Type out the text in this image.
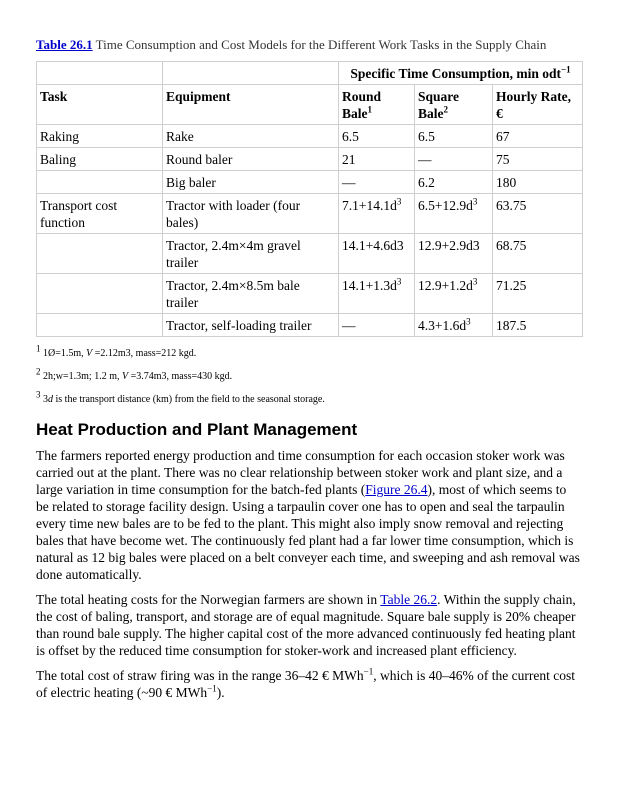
Table 26.1 Time Consumption and Cost Models for the Different Work Tasks in the Supply Chain
		Specific Time Consumption, min odt$^{-1}$
Task	Equipment	Round Bale$^1$	Square Bale$^2$	Hourly Rate, €
Raking	Rake	6.5	6.5	67
Baling	Round baler	21	—	75
	Big baler	—	6.2	180
Transport cost function	Tractor with loader (four bales)	$7.1+14.1d^3$	$6.5+12.9d^3$	63.75
	Tractor, 2.4m×4m gravel trailer	14.1+4.6d3	12.9+2.9d3	68.75
	Tractor, 2.4m×8.5m bale trailer	$14.1+1.3d^3$	$12.9+1.2d^3$	71.25
	Tractor, self-loading trailer	—	$4.3+1.6d^3$	187.5
$^1$ 1Ø=1.5m, V =2.12m3, mass=212 kgd.
$^2$ 2h;w=1.3m; 1.2 m, V =3.74m3, mass=430 kgd.
$^3$ 3d is the transport distance (km) from the field to the seasonal storage.
Heat Production and Plant Management

The farmers reported energy production and time consumption for each occasion stoker work was carried out at the plant. There was no clear relationship between stoker work and plant size, and a large variation in time consumption for the batch-fed plants (Figure 26.4), most of which seems to be related to storage facility design. Using a tarpaulin cover one has to open and seal the tarpaulin every time new bales are to be fed to the plant. This might also imply snow removal and rejecting bales that have become wet. The continuously fed plant had a far lower time consumption, which is natural as 12 big bales were placed on a belt conveyer each time, and sweeping and ash removal was done automatically.

The total heating costs for the Norwegian farmers are shown in Table 26.2. Within the supply chain, the cost of baling, transport, and storage are of equal magnitude. Square bale supply is 20% cheaper than round bale supply. The higher capital cost of the more advanced continuously fed heating plant is offset by the reduced time consumption for stoker-work and increased plant efficiency.

The total cost of straw firing was in the range 36–42 € MWh$^{-1}$, which is 40–46% of the current cost of electric heating (~90 € MWh$^{-1}$).
